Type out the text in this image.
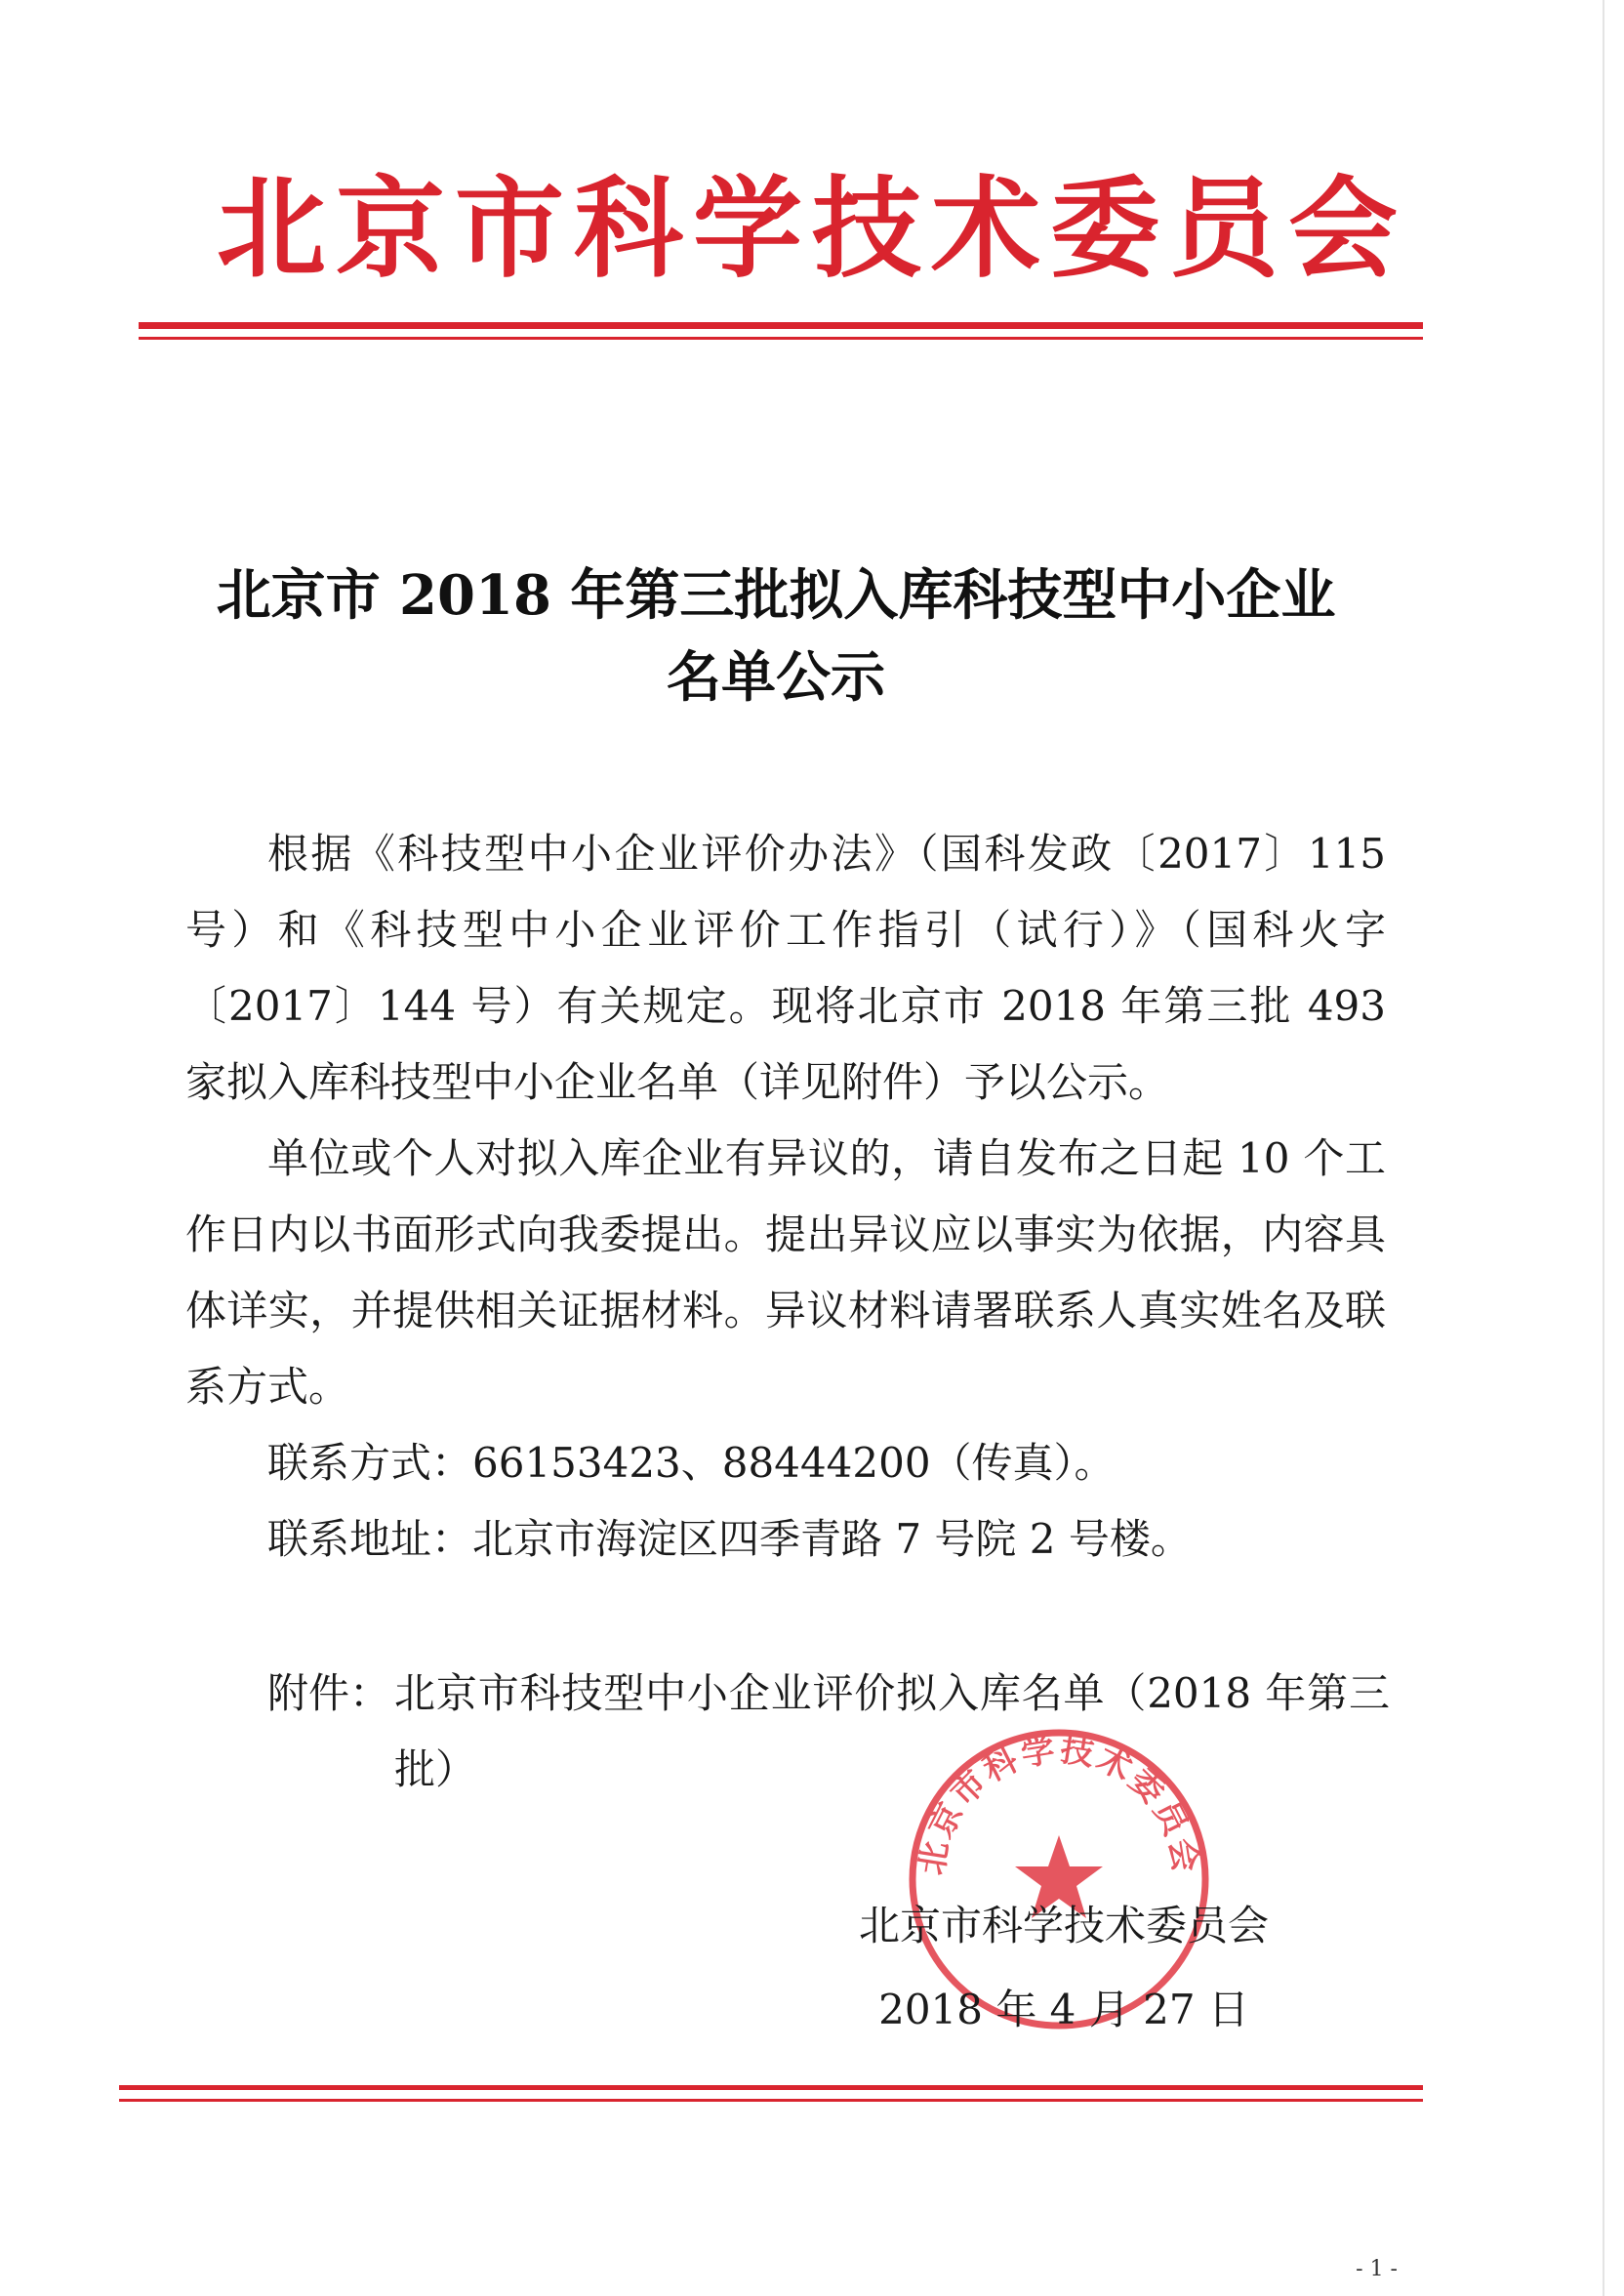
北京市科学技术委员会
北京市 2018 年第三批拟入库科技型中小企业
名单公示

根据《科技型中小企业评价办法》（国科发政〔2017〕115号）和《科技型中小企业评价工作指引（试行）》（国科火字〔2017〕144 号）有关规定。现将北京市 2018 年第三批 493 家拟入库科技型中小企业名单（详见附件）予以公示。

单位或个人对拟入库企业有异议的，请自发布之日起 10 个工作日内以书面形式向我委提出。提出异议应以事实为依据，内容具体详实，并提供相关证据材料。异议材料请署联系人真实姓名及联系方式。

联系方式：66153423、88444200（传真）。

联系地址：北京市海淀区四季青路 7 号院 2 号楼。

附件： 北京市科技型中小企业评价拟入库名单（2018 年第三批）
北京市科学技术委员会
北京市科学技术委员会
2018 年 4 月 27 日
- 1 -
